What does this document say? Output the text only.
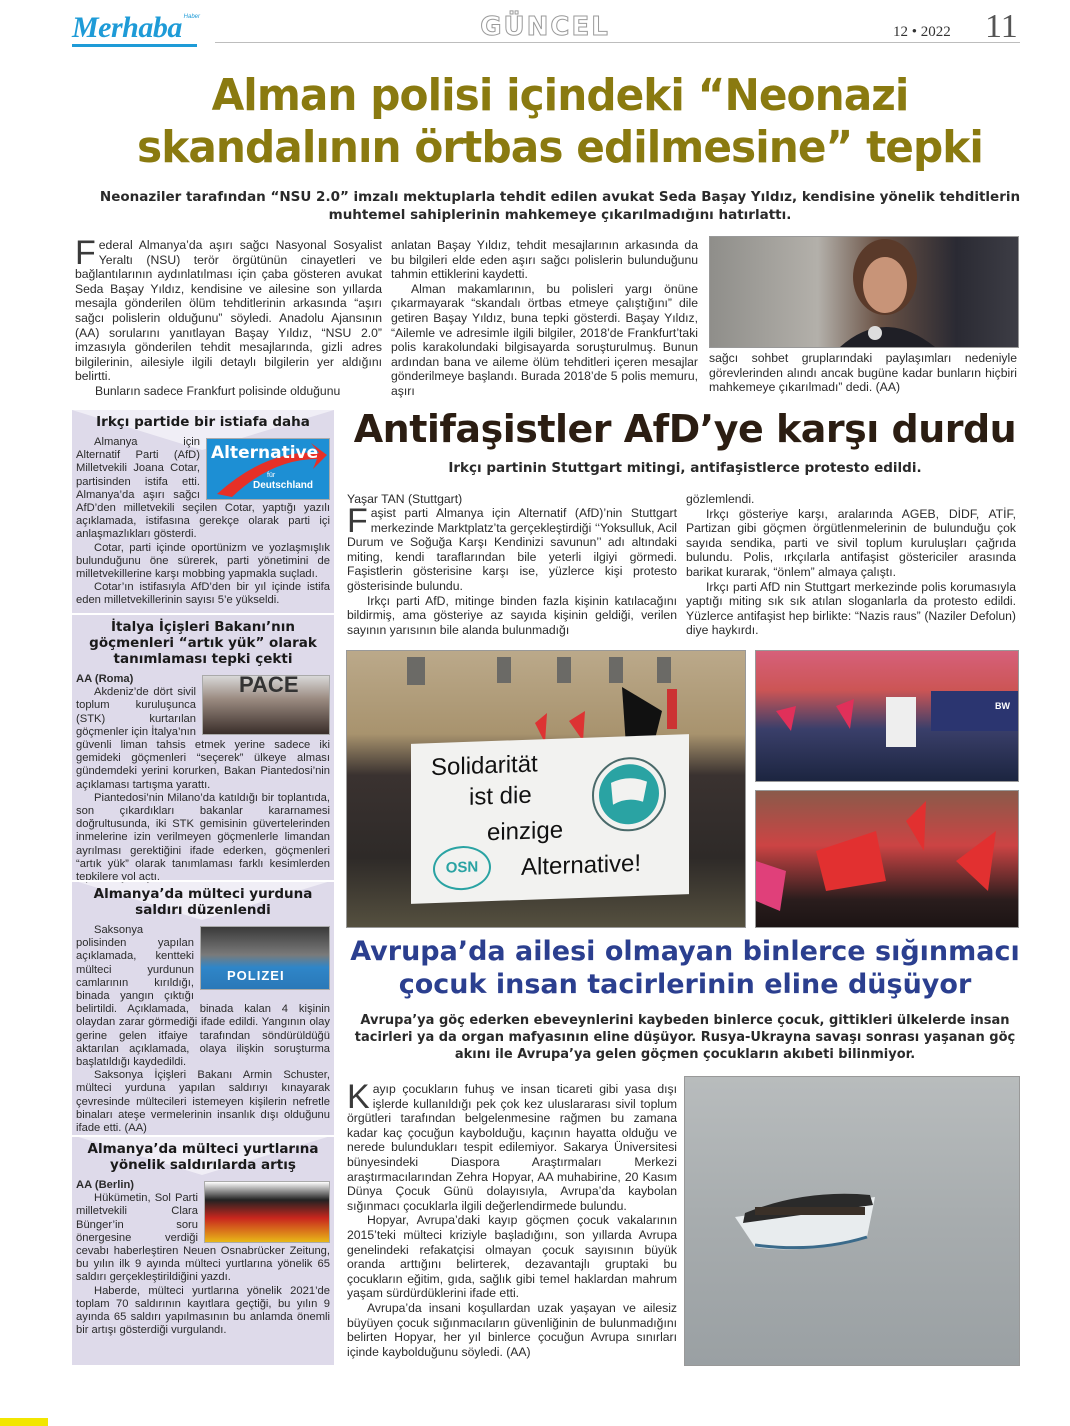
Merhaba Haber	GÜNCEL	12 • 2022 11
Alman polisi içindeki “Neonazi
skandalının örtbas edilmesine” tepki
Neonaziler tarafından “NSU 2.0” imzalı mektuplarla tehdit edilen avukat Seda Başay Yıldız, kendisine yönelik tehditlerin muhtemel sahiplerinin mahkemeye çıkarılmadığını hatırlattı.

Federal Almanya’da aşırı sağcı Nasyonal Sosyalist Yeraltı (NSU) terör örgütünün cinayetleri ve bağlantılarının aydınlatılması için çaba gösteren avukat Seda Başay Yıldız, kendisine ve ailesine son yıllarda mesajla gönderilen ölüm tehditlerinin arkasında “aşırı sağcı polislerin olduğunu” söyledi. Anadolu Ajansının (AA) sorularını yanıtlayan Başay Yıldız, “NSU 2.0” imzasıyla gönderilen tehdit mesajlarında, gizli adres bilgilerinin, ailesiyle ilgili detaylı bilgilerin yer aldığını belirtti.

Bunların sadece Frankfurt polisinde olduğunu

anlatan Başay Yıldız, tehdit mesajlarının arkasında da bu bilgileri elde eden aşırı sağcı polislerin bulunduğunu tahmin ettiklerini kaydetti.

Alman makamlarının, bu polisleri yargı önüne çıkarmayarak “skandalı örtbas etmeye çalıştığını” dile getiren Başay Yıldız, buna tepki gösterdi. Başay Yıldız, “Ailemle ve adresimle ilgili bilgiler, 2018’de Frankfurt’taki polis karakolundaki bilgisayarda soruşturulmuş. Bunun ardından bana ve aileme ölüm tehditleri içeren mesajlar gönderilmeye başlandı. Burada 2018’de 5 polis memuru, aşırı

sağcı sohbet gruplarındaki paylaşımları nedeniyle görevlerinden alındı ancak bugüne kadar bunların hiçbiri mahkemeye çıkarılmadı” dedi. (AA)

Irkçı partide bir istiafa daha
Alternative
für
Deutschland

Almanya için Alternatif Parti (AfD) Milletvekili Joana Cotar, partisinden istifa etti. Almanya’da aşırı sağcı AfD’den milletvekili seçilen Cotar, yaptığı yazılı açıklamada, istifasına gerekçe olarak parti içi anlaşmazlıkları gösterdi.

Cotar, parti içinde oportünizm ve yozlaşmışlık bulunduğunu öne sürerek, parti yönetimini de milletvekillerine karşı mobbing yapmakla suçladı.

Cotar’ın istifasıyla AfD’den bir yıl içinde istifa eden milletvekillerinin sayısı 5’e yükseldi.

İtalya İçişleri Bakanı’nın göçmenleri “artık yük” olarak tanımlaması tepki çekti
PACE

AA (Roma)

Akdeniz’de dört sivil toplum kuruluşunca (STK) kurtarılan göçmenler için İtalya’nın güvenli liman tahsis etmek yerine sadece iki gemideki göçmenleri “seçerek” ülkeye alması gündemdeki yerini korurken, Bakan Piantedosi’nin açıklaması tartışma yarattı.

Piantedosi’nin Milano’da katıldığı bir toplantıda, son çıkardıkları bakanlar kararnamesi doğrultusunda, iki STK gemisinin güvertelerinden inmelerine izin verilmeyen göçmenlerle limandan ayrılması gerektiğini ifade ederken, göçmenleri “artık yük” olarak tanımlaması farklı kesimlerden tepkilere yol açtı.

Almanya’da mülteci yurduna saldırı düzenlendi
POLIZEI

Saksonya polisinden yapılan açıklamada, kentteki mülteci yurdunun camlarının kırıldığı, binada yangın çıktığı belirtildi. Açıklamada, binada kalan 4 kişinin olaydan zarar görmediği ifade edildi. Yangının olay gerine gelen itfaiye tarafından söndürüldüğü aktarılan açıklamada, olaya ilişkin soruşturma başlatıldığı kaydedildi.

Saksonya İçişleri Bakanı Armin Schuster, mülteci yurduna yapılan saldırıyı kınayarak çevresinde mültecileri istemeyen kişilerin nefretle binaları ateşe vermelerinin insanlık dışı olduğunu ifade etti. (AA)

Almanya’da mülteci yurtlarına yönelik saldırılarda artış

AA (Berlin)

Hükümetin, Sol Parti milletvekili Clara Bünger’in soru önergesine verdiği cevabı haberleştiren Neuen Osnabrücker Zeitung, bu yılın ilk 9 ayında mülteci yurtlarına yönelik 65 saldırı gerçekleştirildiğini yazdı.

Haberde, mülteci yurtlarına yönelik 2021’de toplam 70 saldırının kayıtlara geçtiği, bu yılın 9 ayında 65 saldırı yapılmasının bu anlamda önemli bir artışı gösterdiği vurgulandı.

Antifaşistler AfD’ye karşı durdu
Irkçı partinin Stuttgart mitingi, antifaşistlerce protesto edildi.
Yaşar TAN (Stuttgart)

Faşist parti Almanya için Alternatif (AfD)’nin Stuttgart merkezinde Marktplatz’ta gerçekleştirdiği ‘‘Yoksulluk, Acil Durum ve Soğuğa Karşı Kendinizi savunun’’ adı altındaki miting, kendi taraflarından bile yeterli ilgiyi görmedi. Faşistlerin gösterisine karşı ise, yüzlerce kişi protesto gösterisinde bulundu.

Irkçı parti AfD, mitinge binden fazla kişinin katılacağını bildirmiş, ama gösteriye az sayıda kişinin geldiği, verilen sayının yarısının bile alanda bulunmadığı

gözlemlendi.

Irkçı gösteriye karşı, aralarında AGEB, DİDF, ATİF, Partizan gibi göçmen örgütlenmelerinin de bulunduğu çok sayıda sendika, parti ve sivil toplum kuruluşları çağrıda bulundu. Polis, ırkçılarla antifaşist göstericiler arasında barikat kurarak, “önlem” almaya çalıştı.

Irkçı parti AfD nin Stuttgart merkezinde polis korumasıyla yaptığı miting sık sık atılan sloganlarla da protesto edildi. Yüzlerce antifaşist hep birlikte: “Nazis raus” (Naziler Defolun) diye haykırdı.

Solidarität
ist die
einzige
Alternative!
OSN
BW
Avrupa’da ailesi olmayan binlerce sığınmacı
çocuk insan tacirlerinin eline düşüyor
Avrupa’ya göç ederken ebeveynlerini kaybeden binlerce çocuk, gittikleri ülkelerde insan tacirleri ya da organ mafyasının eline düşüyor. Rusya-Ukrayna savaşı sonrası yaşanan göç akını ile Avrupa’ya gelen göçmen çocukların akıbeti bilinmiyor.

Kayıp çocukların fuhuş ve insan ticareti gibi yasa dışı işlerde kullanıldığı pek çok kez uluslararası sivil toplum örgütleri tarafından belgelenmesine rağmen bu zamana kadar kaç çocuğun kaybolduğu, kaçının hayatta olduğu ve nerede bulundukları tespit edilemiyor. Sakarya Üniversitesi bünyesindeki Diaspora Araştırmaları Merkezi araştırmacılarından Zehra Hopyar, AA muhabirine, 20 Kasım Dünya Çocuk Günü dolayısıyla, Avrupa’da kaybolan sığınmacı çocuklarla ilgili değerlendirmede bulundu.

Hopyar, Avrupa’daki kayıp göçmen çocuk vakalarının 2015’teki mülteci kriziyle başladığını, son yıllarda Avrupa genelindeki refakatçisi olmayan çocuk sayısının büyük oranda arttığını belirterek, dezavantajlı gruptaki bu çocukların eğitim, gıda, sağlık gibi temel haklardan mahrum yaşam sürdürdüklerini ifade etti.

Avrupa’da insani koşullardan uzak yaşayan ve ailesiz büyüyen çocuk sığınmacıların güvenliğinin de bulunmadığını belirten Hopyar, her yıl binlerce çocuğun Avrupa sınırları içinde kaybolduğunu söyledi. (AA)
